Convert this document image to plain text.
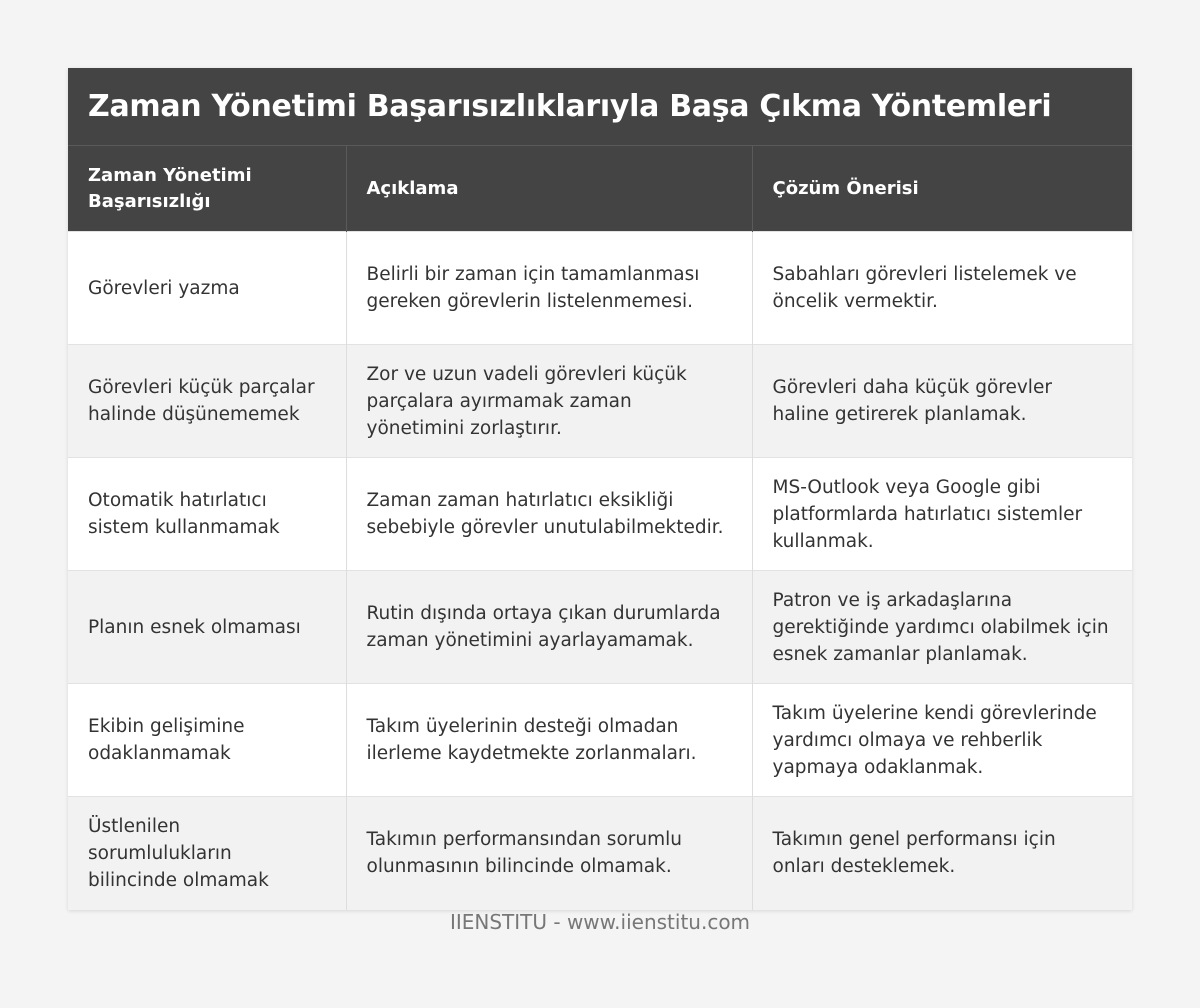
Zaman Yönetimi Başarısızlıklarıyla Başa Çıkma Yöntemleri
Zaman Yönetimi Başarısızlığı	Açıklama	Çözüm Önerisi
Görevleri yazma	Belirli bir zaman için tamamlanması gereken görevlerin listelenmemesi.	Sabahları görevleri listelemek ve öncelik vermektir.
Görevleri küçük parçalar halinde düşünememek	Zor ve uzun vadeli görevleri küçük parçalara ayırmamak zaman yönetimini zorlaştırır.	Görevleri daha küçük görevler haline getirerek planlamak.
Otomatik hatırlatıcı sistem kullanmamak	Zaman zaman hatırlatıcı eksikliği sebebiyle görevler unutulabilmektedir.	MS-Outlook veya Google gibi platformlarda hatırlatıcı sistemler kullanmak.
Planın esnek olmaması	Rutin dışında ortaya çıkan durumlarda zaman yönetimini ayarlayamamak.	Patron ve iş arkadaşlarına gerektiğinde yardımcı olabilmek için esnek zamanlar planlamak.
Ekibin gelişimine odaklanmamak	Takım üyelerinin desteği olmadan ilerleme kaydetmekte zorlanmaları.	Takım üyelerine kendi görevlerinde yardımcı olmaya ve rehberlik yapmaya odaklanmak.
Üstlenilen sorumlulukların bilincinde olmamak	Takımın performansından sorumlu olunmasının bilincinde olmamak.	Takımın genel performansı için onları desteklemek.
IIENSTITU - www.iienstitu.com
